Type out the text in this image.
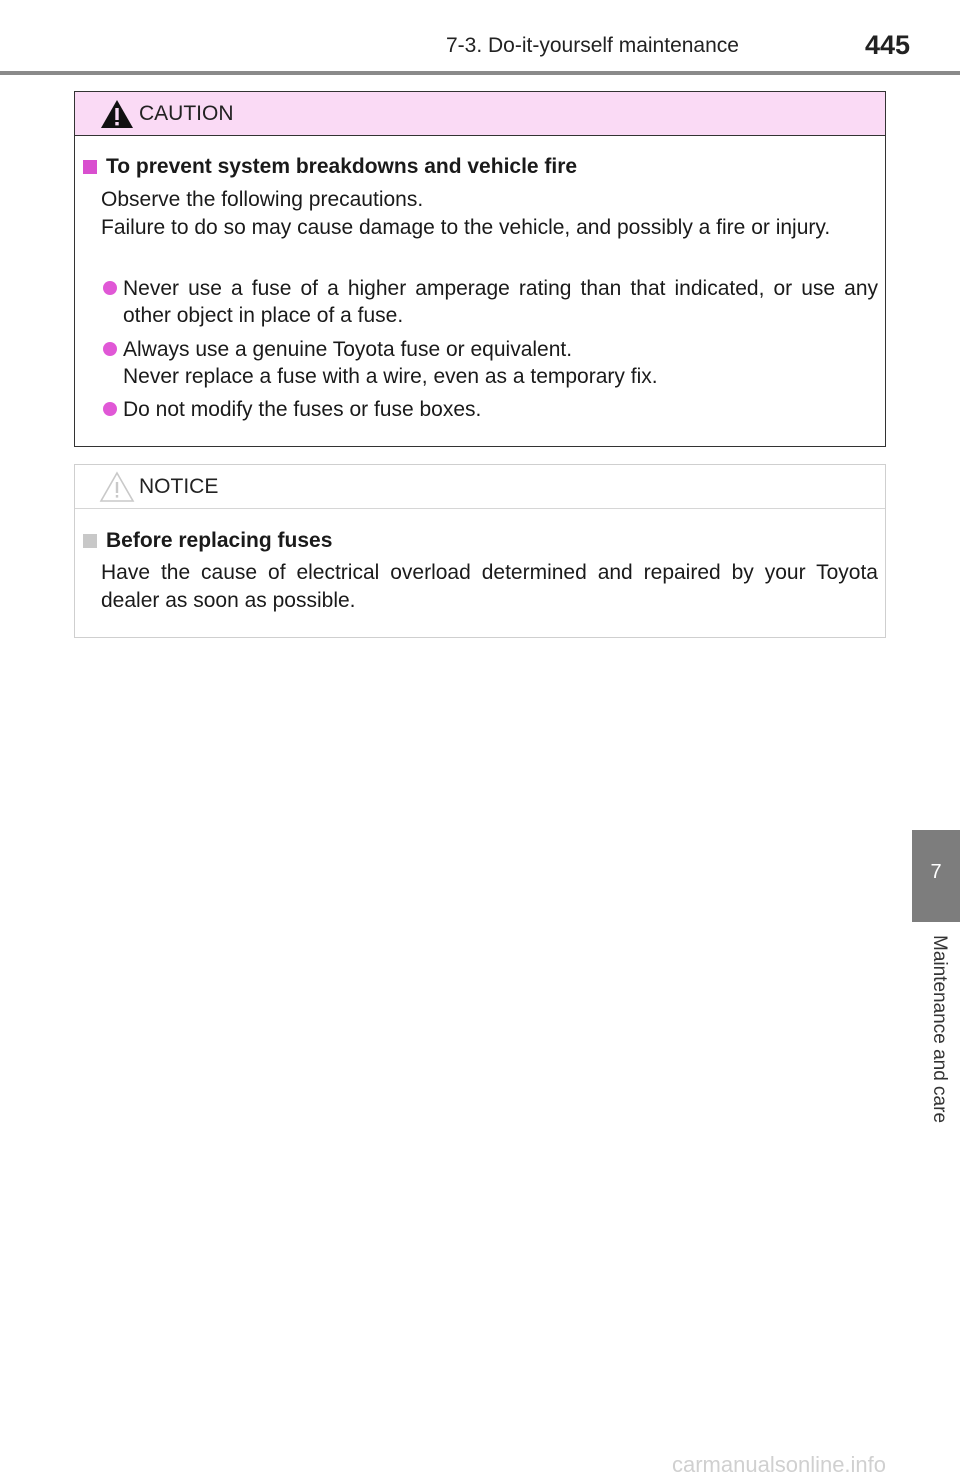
7-3. Do-it-yourself maintenance	445
CAUTION
To prevent system breakdowns and vehicle fire
Observe the following precautions.
Failure to do so may cause damage to the vehicle, and possibly a fire or injury.
Never use a fuse of a higher amperage rating than that indicated, or use any other object in place of a fuse.
Always use a genuine Toyota fuse or equivalent.
Never replace a fuse with a wire, even as a temporary fix.
Do not modify the fuses or fuse boxes.
NOTICE
Before replacing fuses
Have the cause of electrical overload determined and repaired by your Toyota dealer as soon as possible.
7
Maintenance and care
carmanualsonline.info
